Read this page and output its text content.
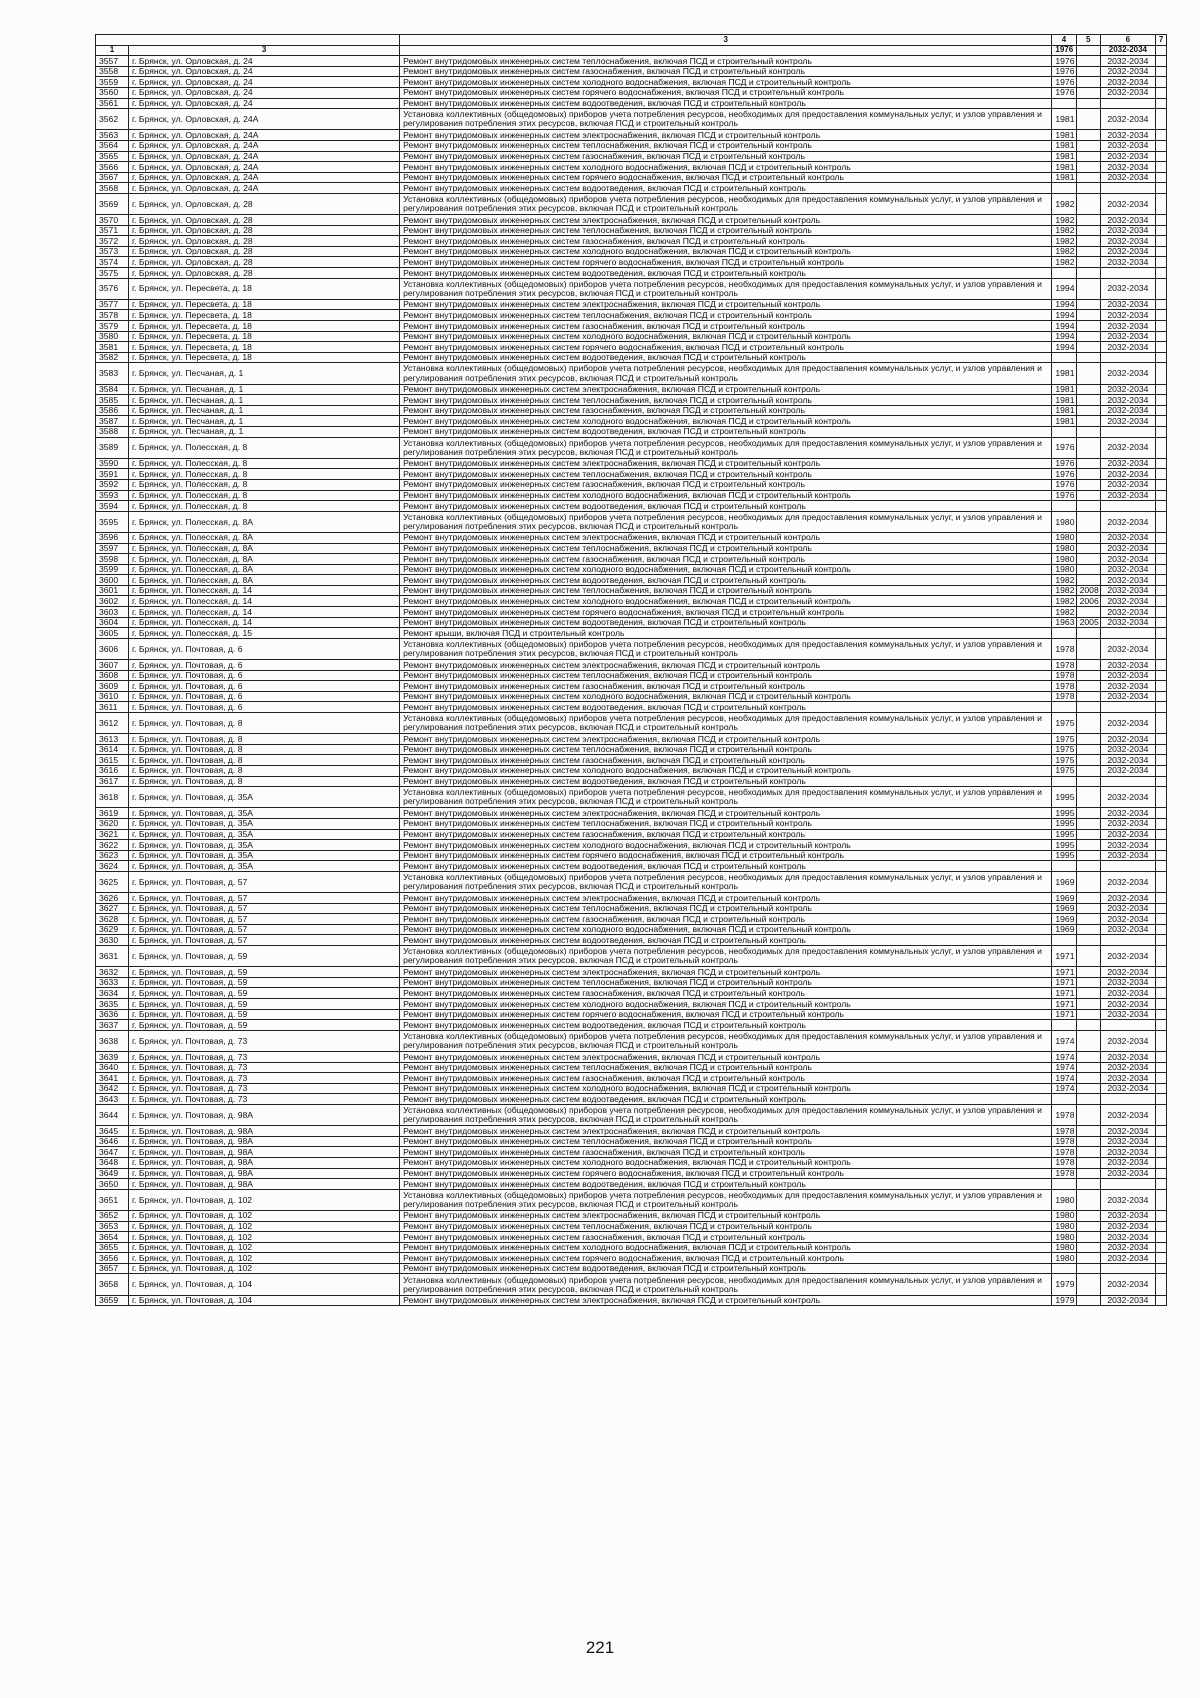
		3	4	5	6	7
1	3		1976		2032-2034	
3557	г. Брянск, ул. Орловская, д. 24	Ремонт внутридомовых инженерных систем теплоснабжения, включая ПСД и строительный контроль	1976		2032-2034	
3558	г. Брянск, ул. Орловская, д. 24	Ремонт внутридомовых инженерных систем газоснабжения, включая ПСД и строительный контроль	1976		2032-2034	
3559	г. Брянск, ул. Орловская, д. 24	Ремонт внутридомовых инженерных систем холодного водоснабжения, включая ПСД и строительный контроль	1976		2032-2034	
3560	г. Брянск, ул. Орловская, д. 24	Ремонт внутридомовых инженерных систем горячего водоснабжения, включая ПСД и строительный контроль	1976		2032-2034	
3561	г. Брянск, ул. Орловская, д. 24	Ремонт внутридомовых инженерных систем водоотведения, включая ПСД и строительный контроль				
3562	г. Брянск, ул. Орловская, д. 24А	Установка коллективных (общедомовых) приборов учета потребления ресурсов, необходимых для предоставления коммунальных услуг, и узлов управления и регулирования потребления этих ресурсов, включая ПСД и строительный контроль	1981		2032-2034	
3563	г. Брянск, ул. Орловская, д. 24А	Ремонт внутридомовых инженерных систем электроснабжения, включая ПСД и строительный контроль	1981		2032-2034	
3564	г. Брянск, ул. Орловская, д. 24А	Ремонт внутридомовых инженерных систем теплоснабжения, включая ПСД и строительный контроль	1981		2032-2034	
3565	г. Брянск, ул. Орловская, д. 24А	Ремонт внутридомовых инженерных систем газоснабжения, включая ПСД и строительный контроль	1981		2032-2034	
3566	г. Брянск, ул. Орловская, д. 24А	Ремонт внутридомовых инженерных систем холодного водоснабжения, включая ПСД и строительный контроль	1981		2032-2034	
3567	г. Брянск, ул. Орловская, д. 24А	Ремонт внутридомовых инженерных систем горячего водоснабжения, включая ПСД и строительный контроль	1981		2032-2034	
3568	г. Брянск, ул. Орловская, д. 24А	Ремонт внутридомовых инженерных систем водоотведения, включая ПСД и строительный контроль				
3569	г. Брянск, ул. Орловская, д. 28	Установка коллективных (общедомовых) приборов учета потребления ресурсов, необходимых для предоставления коммунальных услуг, и узлов управления и регулирования потребления этих ресурсов, включая ПСД и строительный контроль	1982		2032-2034	
3570	г. Брянск, ул. Орловская, д. 28	Ремонт внутридомовых инженерных систем электроснабжения, включая ПСД и строительный контроль	1982		2032-2034	
3571	г. Брянск, ул. Орловская, д. 28	Ремонт внутридомовых инженерных систем теплоснабжения, включая ПСД и строительный контроль	1982		2032-2034	
3572	г. Брянск, ул. Орловская, д. 28	Ремонт внутридомовых инженерных систем газоснабжения, включая ПСД и строительный контроль	1982		2032-2034	
3573	г. Брянск, ул. Орловская, д. 28	Ремонт внутридомовых инженерных систем холодного водоснабжения, включая ПСД и строительный контроль	1982		2032-2034	
3574	г. Брянск, ул. Орловская, д. 28	Ремонт внутридомовых инженерных систем горячего водоснабжения, включая ПСД и строительный контроль	1982		2032-2034	
3575	г. Брянск, ул. Орловская, д. 28	Ремонт внутридомовых инженерных систем водоотведения, включая ПСД и строительный контроль				
3576	г. Брянск, ул. Пересвета, д. 18	Установка коллективных (общедомовых) приборов учета потребления ресурсов, необходимых для предоставления коммунальных услуг, и узлов управления и регулирования потребления этих ресурсов, включая ПСД и строительный контроль	1994		2032-2034	
3577	г. Брянск, ул. Пересвета, д. 18	Ремонт внутридомовых инженерных систем электроснабжения, включая ПСД и строительный контроль	1994		2032-2034	
3578	г. Брянск, ул. Пересвета, д. 18	Ремонт внутридомовых инженерных систем теплоснабжения, включая ПСД и строительный контроль	1994		2032-2034	
3579	г. Брянск, ул. Пересвета, д. 18	Ремонт внутридомовых инженерных систем газоснабжения, включая ПСД и строительный контроль	1994		2032-2034	
3580	г. Брянск, ул. Пересвета, д. 18	Ремонт внутридомовых инженерных систем холодного водоснабжения, включая ПСД и строительный контроль	1994		2032-2034	
3581	г. Брянск, ул. Пересвета, д. 18	Ремонт внутридомовых инженерных систем горячего водоснабжения, включая ПСД и строительный контроль	1994		2032-2034	
3582	г. Брянск, ул. Пересвета, д. 18	Ремонт внутридомовых инженерных систем водоотведения, включая ПСД и строительный контроль				
3583	г. Брянск, ул. Песчаная, д. 1	Установка коллективных (общедомовых) приборов учета потребления ресурсов, необходимых для предоставления коммунальных услуг, и узлов управления и регулирования потребления этих ресурсов, включая ПСД и строительный контроль	1981		2032-2034	
3584	г. Брянск, ул. Песчаная, д. 1	Ремонт внутридомовых инженерных систем электроснабжения, включая ПСД и строительный контроль	1981		2032-2034	
3585	г. Брянск, ул. Песчаная, д. 1	Ремонт внутридомовых инженерных систем теплоснабжения, включая ПСД и строительный контроль	1981		2032-2034	
3586	г. Брянск, ул. Песчаная, д. 1	Ремонт внутридомовых инженерных систем газоснабжения, включая ПСД и строительный контроль	1981		2032-2034	
3587	г. Брянск, ул. Песчаная, д. 1	Ремонт внутридомовых инженерных систем холодного водоснабжения, включая ПСД и строительный контроль	1981		2032-2034	
3588	г. Брянск, ул. Песчаная, д. 1	Ремонт внутридомовых инженерных систем водоотведения, включая ПСД и строительный контроль				
3589	г. Брянск, ул. Полесская, д. 8	Установка коллективных (общедомовых) приборов учета потребления ресурсов, необходимых для предоставления коммунальных услуг, и узлов управления и регулирования потребления этих ресурсов, включая ПСД и строительный контроль	1976		2032-2034	
3590	г. Брянск, ул. Полесская, д. 8	Ремонт внутридомовых инженерных систем электроснабжения, включая ПСД и строительный контроль	1976		2032-2034	
3591	г. Брянск, ул. Полесская, д. 8	Ремонт внутридомовых инженерных систем теплоснабжения, включая ПСД и строительный контроль	1976		2032-2034	
3592	г. Брянск, ул. Полесская, д. 8	Ремонт внутридомовых инженерных систем газоснабжения, включая ПСД и строительный контроль	1976		2032-2034	
3593	г. Брянск, ул. Полесская, д. 8	Ремонт внутридомовых инженерных систем холодного водоснабжения, включая ПСД и строительный контроль	1976		2032-2034	
3594	г. Брянск, ул. Полесская, д. 8	Ремонт внутридомовых инженерных систем водоотведения, включая ПСД и строительный контроль				
3595	г. Брянск, ул. Полесская, д. 8А	Установка коллективных (общедомовых) приборов учета потребления ресурсов, необходимых для предоставления коммунальных услуг, и узлов управления и регулирования потребления этих ресурсов, включая ПСД и строительный контроль	1980		2032-2034	
3596	г. Брянск, ул. Полесская, д. 8А	Ремонт внутридомовых инженерных систем электроснабжения, включая ПСД и строительный контроль	1980		2032-2034	
3597	г. Брянск, ул. Полесская, д. 8А	Ремонт внутридомовых инженерных систем теплоснабжения, включая ПСД и строительный контроль	1980		2032-2034	
3598	г. Брянск, ул. Полесская, д. 8А	Ремонт внутридомовых инженерных систем газоснабжения, включая ПСД и строительный контроль	1980		2032-2034	
3599	г. Брянск, ул. Полесская, д. 8А	Ремонт внутридомовых инженерных систем холодного водоснабжения, включая ПСД и строительный контроль	1980		2032-2034	
3600	г. Брянск, ул. Полесская, д. 8А	Ремонт внутридомовых инженерных систем водоотведения, включая ПСД и строительный контроль	1982		2032-2034	
3601	г. Брянск, ул. Полесская, д. 14	Ремонт внутридомовых инженерных систем теплоснабжения, включая ПСД и строительный контроль	1982	2008	2032-2034	
3602	г. Брянск, ул. Полесская, д. 14	Ремонт внутридомовых инженерных систем холодного водоснабжения, включая ПСД и строительный контроль	1982	2006	2032-2034	
3603	г. Брянск, ул. Полесская, д. 14	Ремонт внутридомовых инженерных систем горячего водоснабжения, включая ПСД и строительный контроль	1982		2032-2034	
3604	г. Брянск, ул. Полесская, д. 14	Ремонт внутридомовых инженерных систем водоотведения, включая ПСД и строительный контроль	1963	2005	2032-2034	
3605	г. Брянск, ул. Полесская, д. 15	Ремонт крыши, включая ПСД и строительный контроль				
3606	г. Брянск, ул. Почтовая, д. 6	Установка коллективных (общедомовых) приборов учета потребления ресурсов, необходимых для предоставления коммунальных услуг, и узлов управления и регулирования потребления этих ресурсов, включая ПСД и строительный контроль	1978		2032-2034	
3607	г. Брянск, ул. Почтовая, д. 6	Ремонт внутридомовых инженерных систем электроснабжения, включая ПСД и строительный контроль	1978		2032-2034	
3608	г. Брянск, ул. Почтовая, д. 6	Ремонт внутридомовых инженерных систем теплоснабжения, включая ПСД и строительный контроль	1978		2032-2034	
3609	г. Брянск, ул. Почтовая, д. 6	Ремонт внутридомовых инженерных систем газоснабжения, включая ПСД и строительный контроль	1978		2032-2034	
3610	г. Брянск, ул. Почтовая, д. 6	Ремонт внутридомовых инженерных систем холодного водоснабжения, включая ПСД и строительный контроль	1978		2032-2034	
3611	г. Брянск, ул. Почтовая, д. 6	Ремонт внутридомовых инженерных систем водоотведения, включая ПСД и строительный контроль				
3612	г. Брянск, ул. Почтовая, д. 8	Установка коллективных (общедомовых) приборов учета потребления ресурсов, необходимых для предоставления коммунальных услуг, и узлов управления и регулирования потребления этих ресурсов, включая ПСД и строительный контроль	1975		2032-2034	
3613	г. Брянск, ул. Почтовая, д. 8	Ремонт внутридомовых инженерных систем электроснабжения, включая ПСД и строительный контроль	1975		2032-2034	
3614	г. Брянск, ул. Почтовая, д. 8	Ремонт внутридомовых инженерных систем теплоснабжения, включая ПСД и строительный контроль	1975		2032-2034	
3615	г. Брянск, ул. Почтовая, д. 8	Ремонт внутридомовых инженерных систем газоснабжения, включая ПСД и строительный контроль	1975		2032-2034	
3616	г. Брянск, ул. Почтовая, д. 8	Ремонт внутридомовых инженерных систем холодного водоснабжения, включая ПСД и строительный контроль	1975		2032-2034	
3617	г. Брянск, ул. Почтовая, д. 8	Ремонт внутридомовых инженерных систем водоотведения, включая ПСД и строительный контроль				
3618	г. Брянск, ул. Почтовая, д. 35А	Установка коллективных (общедомовых) приборов учета потребления ресурсов, необходимых для предоставления коммунальных услуг, и узлов управления и регулирования потребления этих ресурсов, включая ПСД и строительный контроль	1995		2032-2034	
3619	г. Брянск, ул. Почтовая, д. 35А	Ремонт внутридомовых инженерных систем электроснабжения, включая ПСД и строительный контроль	1995		2032-2034	
3620	г. Брянск, ул. Почтовая, д. 35А	Ремонт внутридомовых инженерных систем теплоснабжения, включая ПСД и строительный контроль	1995		2032-2034	
3621	г. Брянск, ул. Почтовая, д. 35А	Ремонт внутридомовых инженерных систем газоснабжения, включая ПСД и строительный контроль	1995		2032-2034	
3622	г. Брянск, ул. Почтовая, д. 35А	Ремонт внутридомовых инженерных систем холодного водоснабжения, включая ПСД и строительный контроль	1995		2032-2034	
3623	г. Брянск, ул. Почтовая, д. 35А	Ремонт внутридомовых инженерных систем горячего водоснабжения, включая ПСД и строительный контроль	1995		2032-2034	
3624	г. Брянск, ул. Почтовая, д. 35А	Ремонт внутридомовых инженерных систем водоотведения, включая ПСД и строительный контроль				
3625	г. Брянск, ул. Почтовая, д. 57	Установка коллективных (общедомовых) приборов учета потребления ресурсов, необходимых для предоставления коммунальных услуг, и узлов управления и регулирования потребления этих ресурсов, включая ПСД и строительный контроль	1969		2032-2034	
3626	г. Брянск, ул. Почтовая, д. 57	Ремонт внутридомовых инженерных систем электроснабжения, включая ПСД и строительный контроль	1969		2032-2034	
3627	г. Брянск, ул. Почтовая, д. 57	Ремонт внутридомовых инженерных систем теплоснабжения, включая ПСД и строительный контроль	1969		2032-2034	
3628	г. Брянск, ул. Почтовая, д. 57	Ремонт внутридомовых инженерных систем газоснабжения, включая ПСД и строительный контроль	1969		2032-2034	
3629	г. Брянск, ул. Почтовая, д. 57	Ремонт внутридомовых инженерных систем холодного водоснабжения, включая ПСД и строительный контроль	1969		2032-2034	
3630	г. Брянск, ул. Почтовая, д. 57	Ремонт внутридомовых инженерных систем водоотведения, включая ПСД и строительный контроль				
3631	г. Брянск, ул. Почтовая, д. 59	Установка коллективных (общедомовых) приборов учета потребления ресурсов, необходимых для предоставления коммунальных услуг, и узлов управления и регулирования потребления этих ресурсов, включая ПСД и строительный контроль	1971		2032-2034	
3632	г. Брянск, ул. Почтовая, д. 59	Ремонт внутридомовых инженерных систем электроснабжения, включая ПСД и строительный контроль	1971		2032-2034	
3633	г. Брянск, ул. Почтовая, д. 59	Ремонт внутридомовых инженерных систем теплоснабжения, включая ПСД и строительный контроль	1971		2032-2034	
3634	г. Брянск, ул. Почтовая, д. 59	Ремонт внутридомовых инженерных систем газоснабжения, включая ПСД и строительный контроль	1971		2032-2034	
3635	г. Брянск, ул. Почтовая, д. 59	Ремонт внутридомовых инженерных систем холодного водоснабжения, включая ПСД и строительный контроль	1971		2032-2034	
3636	г. Брянск, ул. Почтовая, д. 59	Ремонт внутридомовых инженерных систем горячего водоснабжения, включая ПСД и строительный контроль	1971		2032-2034	
3637	г. Брянск, ул. Почтовая, д. 59	Ремонт внутридомовых инженерных систем водоотведения, включая ПСД и строительный контроль				
3638	г. Брянск, ул. Почтовая, д. 73	Установка коллективных (общедомовых) приборов учета потребления ресурсов, необходимых для предоставления коммунальных услуг, и узлов управления и регулирования потребления этих ресурсов, включая ПСД и строительный контроль	1974		2032-2034	
3639	г. Брянск, ул. Почтовая, д. 73	Ремонт внутридомовых инженерных систем электроснабжения, включая ПСД и строительный контроль	1974		2032-2034	
3640	г. Брянск, ул. Почтовая, д. 73	Ремонт внутридомовых инженерных систем теплоснабжения, включая ПСД и строительный контроль	1974		2032-2034	
3641	г. Брянск, ул. Почтовая, д. 73	Ремонт внутридомовых инженерных систем газоснабжения, включая ПСД и строительный контроль	1974		2032-2034	
3642	г. Брянск, ул. Почтовая, д. 73	Ремонт внутридомовых инженерных систем холодного водоснабжения, включая ПСД и строительный контроль	1974		2032-2034	
3643	г. Брянск, ул. Почтовая, д. 73	Ремонт внутридомовых инженерных систем водоотведения, включая ПСД и строительный контроль				
3644	г. Брянск, ул. Почтовая, д. 98А	Установка коллективных (общедомовых) приборов учета потребления ресурсов, необходимых для предоставления коммунальных услуг, и узлов управления и регулирования потребления этих ресурсов, включая ПСД и строительный контроль	1978		2032-2034	
3645	г. Брянск, ул. Почтовая, д. 98А	Ремонт внутридомовых инженерных систем электроснабжения, включая ПСД и строительный контроль	1978		2032-2034	
3646	г. Брянск, ул. Почтовая, д. 98А	Ремонт внутридомовых инженерных систем теплоснабжения, включая ПСД и строительный контроль	1978		2032-2034	
3647	г. Брянск, ул. Почтовая, д. 98А	Ремонт внутридомовых инженерных систем газоснабжения, включая ПСД и строительный контроль	1978		2032-2034	
3648	г. Брянск, ул. Почтовая, д. 98А	Ремонт внутридомовых инженерных систем холодного водоснабжения, включая ПСД и строительный контроль	1978		2032-2034	
3649	г. Брянск, ул. Почтовая, д. 98А	Ремонт внутридомовых инженерных систем горячего водоснабжения, включая ПСД и строительный контроль	1978		2032-2034	
3650	г. Брянск, ул. Почтовая, д. 98А	Ремонт внутридомовых инженерных систем водоотведения, включая ПСД и строительный контроль				
3651	г. Брянск, ул. Почтовая, д. 102	Установка коллективных (общедомовых) приборов учета потребления ресурсов, необходимых для предоставления коммунальных услуг, и узлов управления и регулирования потребления этих ресурсов, включая ПСД и строительный контроль	1980		2032-2034	
3652	г. Брянск, ул. Почтовая, д. 102	Ремонт внутридомовых инженерных систем электроснабжения, включая ПСД и строительный контроль	1980		2032-2034	
3653	г. Брянск, ул. Почтовая, д. 102	Ремонт внутридомовых инженерных систем теплоснабжения, включая ПСД и строительный контроль	1980		2032-2034	
3654	г. Брянск, ул. Почтовая, д. 102	Ремонт внутридомовых инженерных систем газоснабжения, включая ПСД и строительный контроль	1980		2032-2034	
3655	г. Брянск, ул. Почтовая, д. 102	Ремонт внутридомовых инженерных систем холодного водоснабжения, включая ПСД и строительный контроль	1980		2032-2034	
3656	г. Брянск, ул. Почтовая, д. 102	Ремонт внутридомовых инженерных систем горячего водоснабжения, включая ПСД и строительный контроль	1980		2032-2034	
3657	г. Брянск, ул. Почтовая, д. 102	Ремонт внутридомовых инженерных систем водоотведения, включая ПСД и строительный контроль				
3658	г. Брянск, ул. Почтовая, д. 104	Установка коллективных (общедомовых) приборов учета потребления ресурсов, необходимых для предоставления коммунальных услуг, и узлов управления и регулирования потребления этих ресурсов, включая ПСД и строительный контроль	1979		2032-2034	
3659	г. Брянск, ул. Почтовая, д. 104	Ремонт внутридомовых инженерных систем электроснабжения, включая ПСД и строительный контроль	1979		2032-2034	
221
